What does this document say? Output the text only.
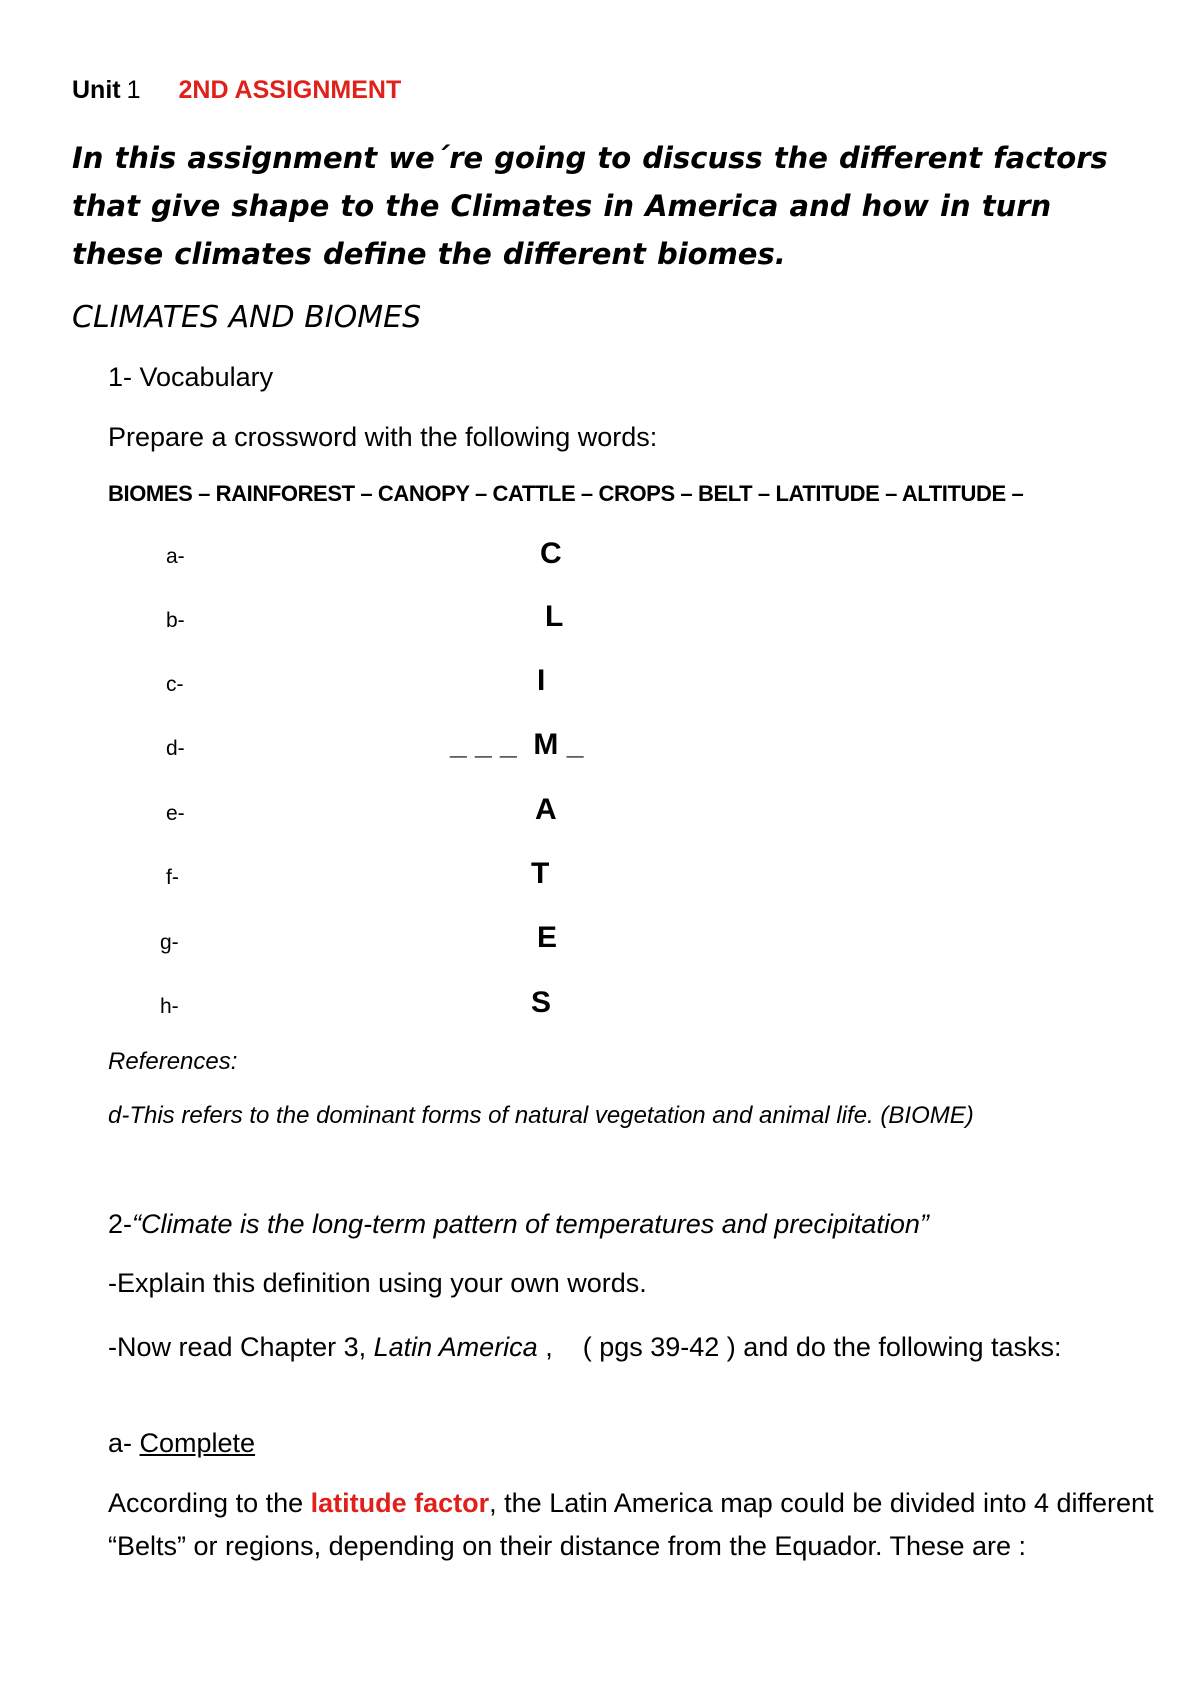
Unit 1 2ND ASSIGNMENT
In this assignment we´re going to discuss the different factors that give shape to the Climates in America and how in turn these climates define the different biomes.
CLIMATES AND BIOMES
1- Vocabulary
Prepare a crossword with the following words:
BIOMES – RAINFOREST – CANOPY – CATTLE – CROPS – BELT – LATITUDE – ALTITUDE –
a-	C
b-	L
c-	I
d-	_ _ _  M _
e-	A
f-	T
g-	E
h-	S
References:
d-This refers to the dominant forms of natural vegetation and animal life. (BIOME)
2-“Climate is the long-term pattern of temperatures and precipitation”
-Explain this definition using your own words.
-Now read Chapter 3, Latin America ,    ( pgs 39-42 ) and do the following tasks:
a- Complete
According to the latitude factor, the Latin America map could be divided into 4 different “Belts” or regions, depending on their distance from the Equador. These are :
